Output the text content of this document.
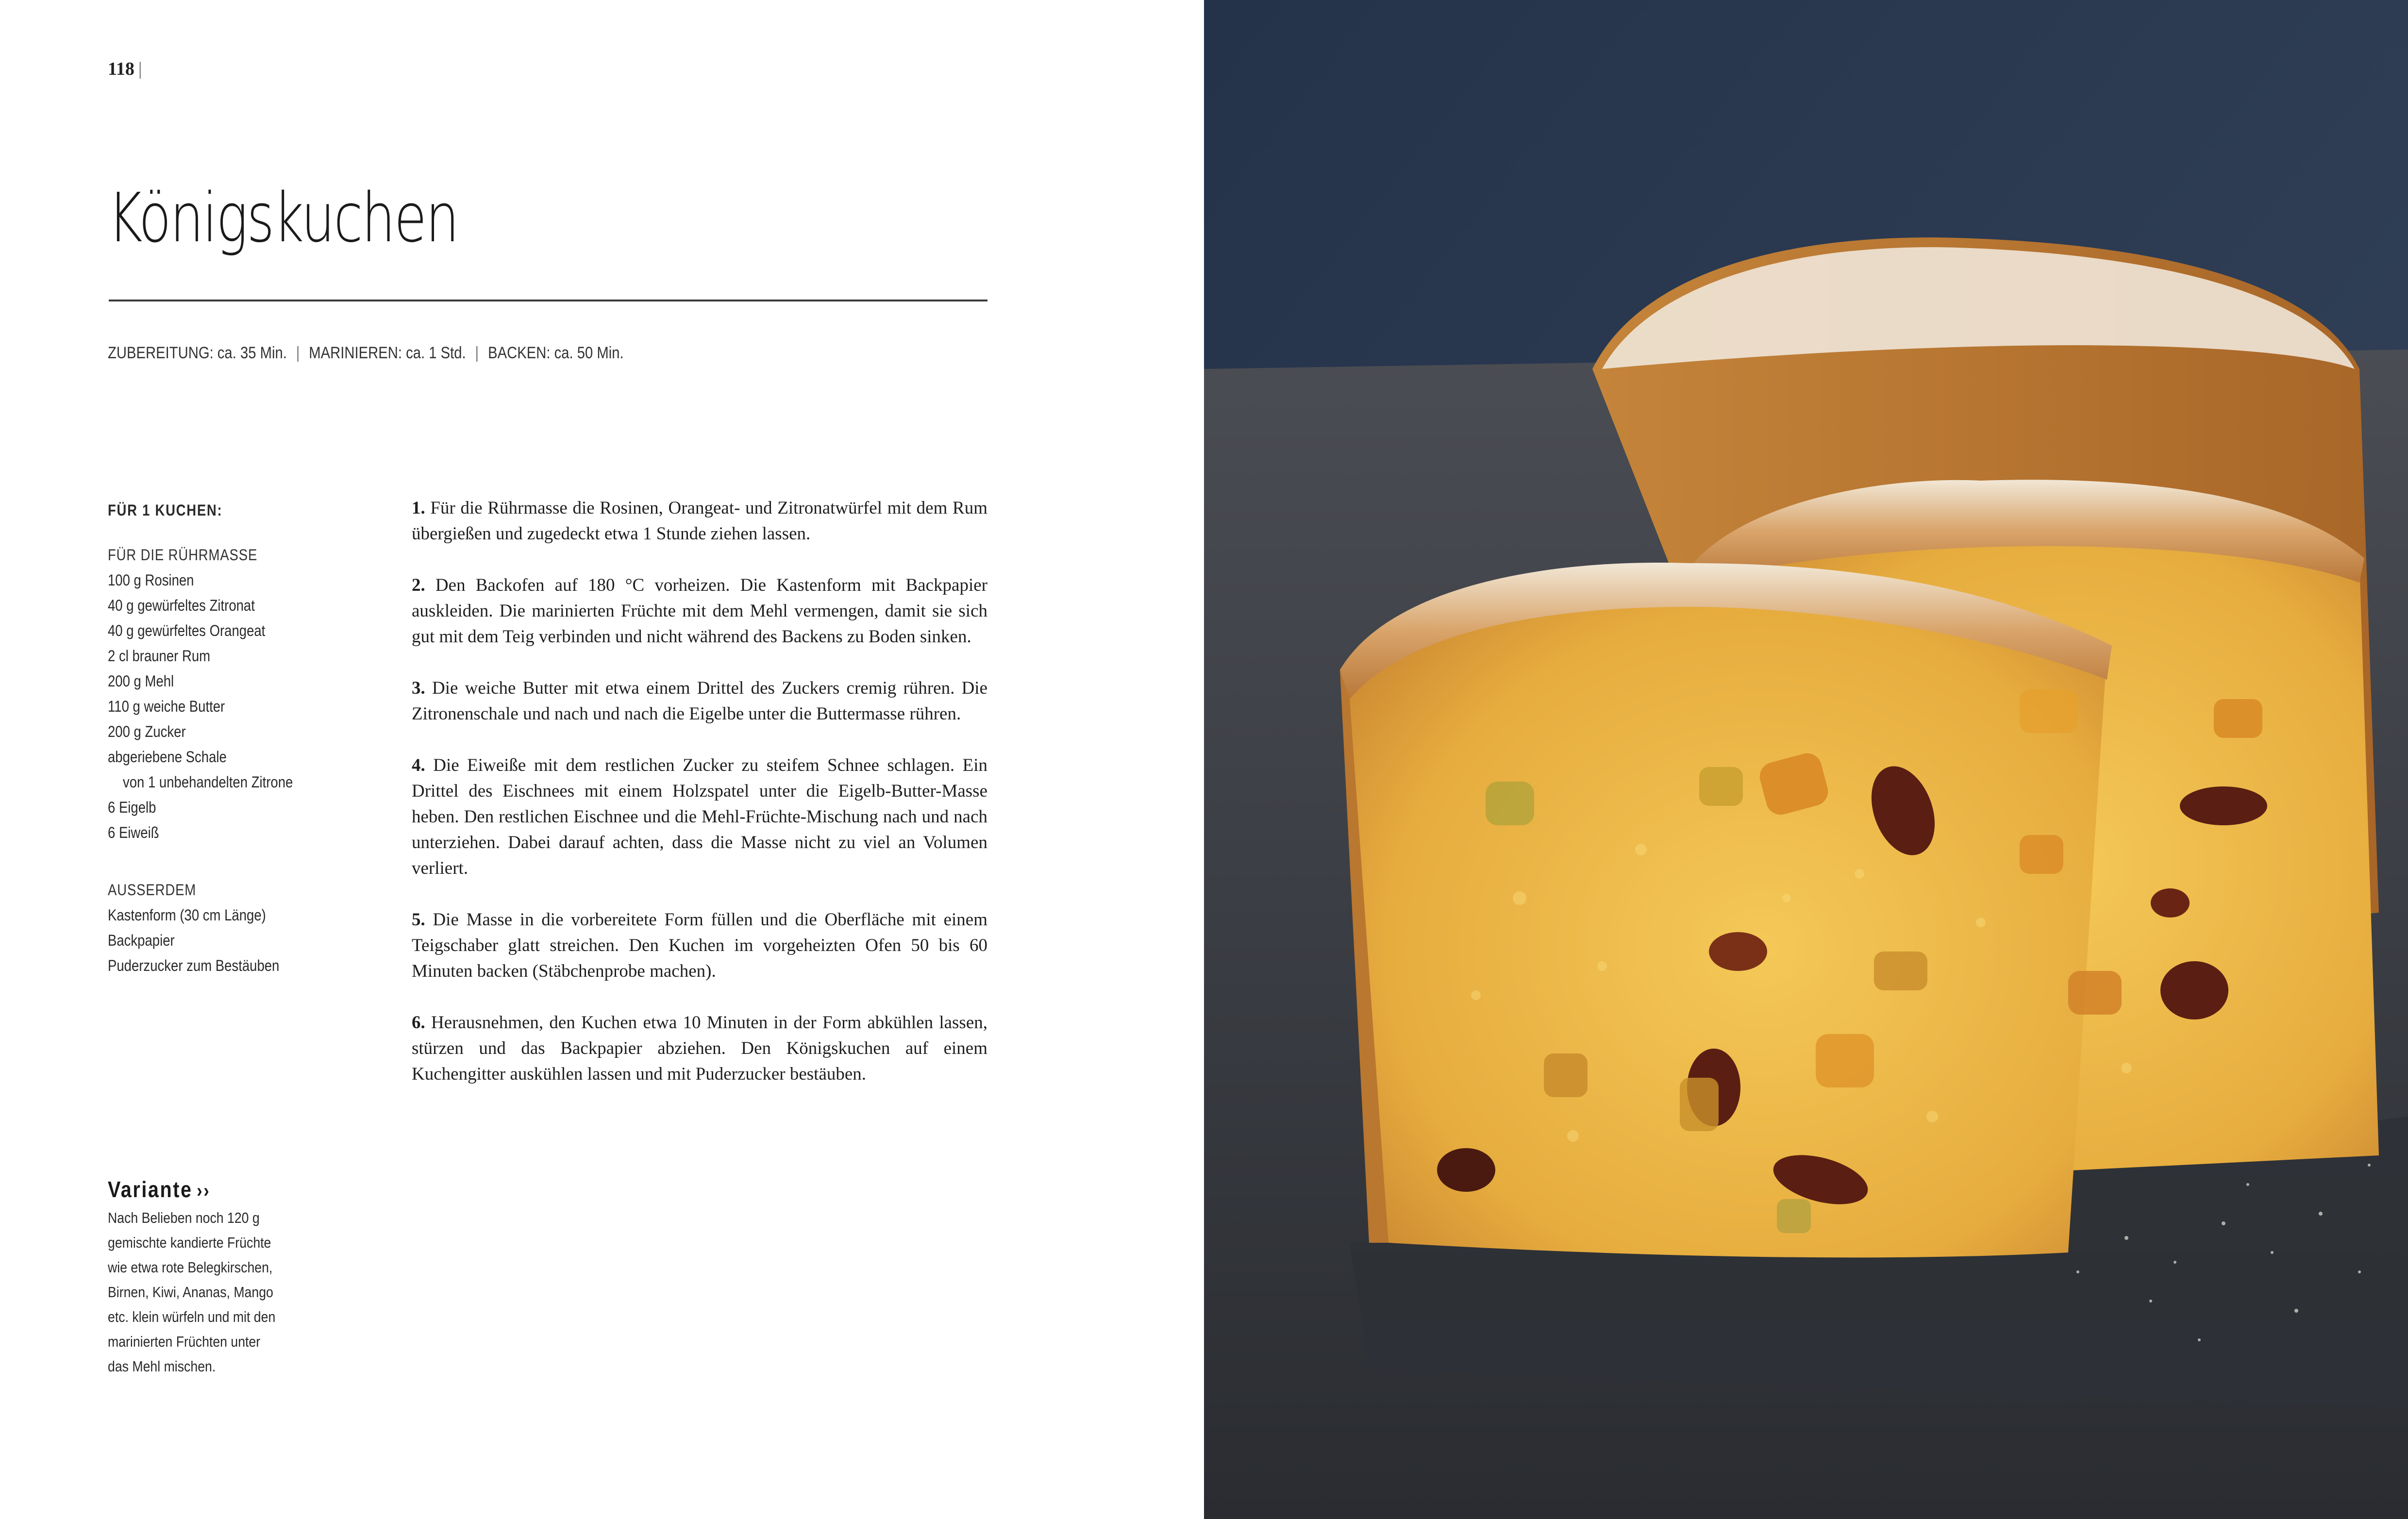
118 |
Königskuchen
ZUBEREITUNG: ca. 35 Min. | MARINIEREN: ca. 1 Std. | BACKEN: ca. 50 Min.
FÜR 1 KUCHEN:
FÜR DIE RÜHRMASSE
100 g Rosinen
40 g gewürfeltes Zitronat
40 g gewürfeltes Orangeat
2 cl brauner Rum
200 g Mehl
110 g weiche Butter
200 g Zucker
abgeriebene Schale
von 1 unbehandelten Zitrone
6 Eigelb
6 Eiweiß
AUSSERDEM
Kastenform (30 cm Länge)
Backpapier
Puderzucker zum Bestäuben

1. Für die Rührmasse die Rosinen, Orangeat- und Zitronatwürfel mit dem Rum übergießen und zugedeckt etwa 1 Stunde ziehen lassen.

2. Den Backofen auf 180 °C vorheizen. Die Kastenform mit Backpapier auskleiden. Die marinierten Früchte mit dem Mehl vermengen, damit sie sich gut mit dem Teig verbinden und nicht während des Backens zu Boden sinken.

3. Die weiche Butter mit etwa einem Drittel des Zuckers cremig rühren. Die Zitronenschale und nach und nach die Eigelbe unter die Buttermasse rühren.

4. Die Eiweiße mit dem restlichen Zucker zu steifem Schnee schlagen. Ein Drittel des Eischnees mit einem Holzspatel unter die Eigelb-Butter-Masse heben. Den restlichen Eischnee und die Mehl-Früchte-Mischung nach und nach unterziehen. Dabei darauf achten, dass die Masse nicht zu viel an Volumen verliert.

5. Die Masse in die vorbereitete Form füllen und die Oberfläche mit einem Teigschaber glatt streichen. Den Kuchen im vorgeheizten Ofen 50 bis 60 Minuten backen (Stäbchenprobe machen).

6. Herausnehmen, den Kuchen etwa 10 Minuten in der Form abkühlen lassen, stürzen und das Backpapier abziehen. Den Königskuchen auf einem Kuchengitter auskühlen lassen und mit Puderzucker bestäuben.

Variante ››
Nach Belieben noch 120 g
gemischte kandierte Früchte
wie etwa rote Belegkirschen,
Birnen, Kiwi, Ananas, Mango
etc. klein würfeln und mit den
marinierten Früchten unter
das Mehl mischen.
